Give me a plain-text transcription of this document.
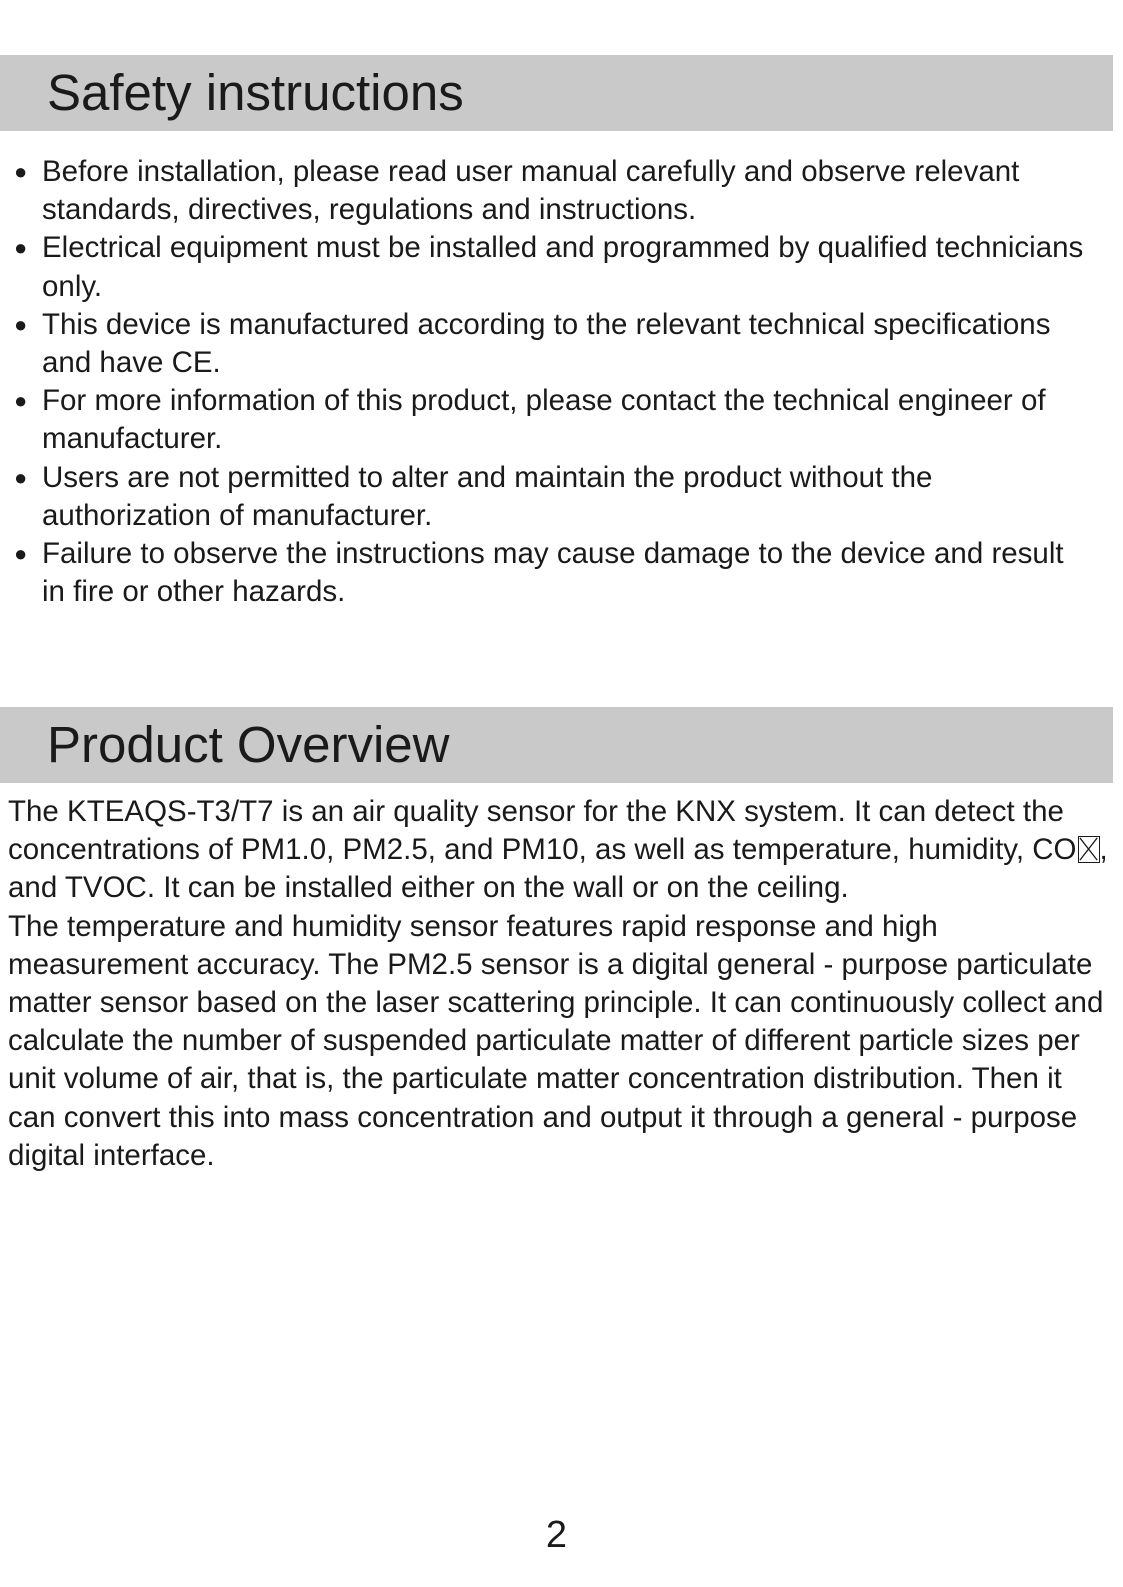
Safety instructions
● Before installation, please read user manual carefully and observe relevant standards, directives, regulations and instructions.
● Electrical equipment must be installed and programmed by qualified technicians only.
● This device is manufactured according to the relevant technical specifications and have CE.
● For more information of this product, please contact the technical engineer of manufacturer.
● Users are not permitted to alter and maintain the product without the authorization of manufacturer.
● Failure to observe the instructions may cause damage to the device and result in fire or other hazards.
Product Overview

The KTEAQS-T3/T7 is an air quality sensor for the KNX system. It can detect the concentrations of PM1.0, PM2.5, and PM10, as well as temperature, humidity, CO , and TVOC. It can be installed either on the wall or on the ceiling.

The temperature and humidity sensor features rapid response and high measurement accuracy. The PM2.5 sensor is a digital general - purpose particulate matter sensor based on the laser scattering principle. It can continuously collect and calculate the number of suspended particulate matter of different particle sizes per unit volume of air, that is, the particulate matter concentration distribution. Then it can convert this into mass concentration and output it through a general - purpose digital interface.

2
